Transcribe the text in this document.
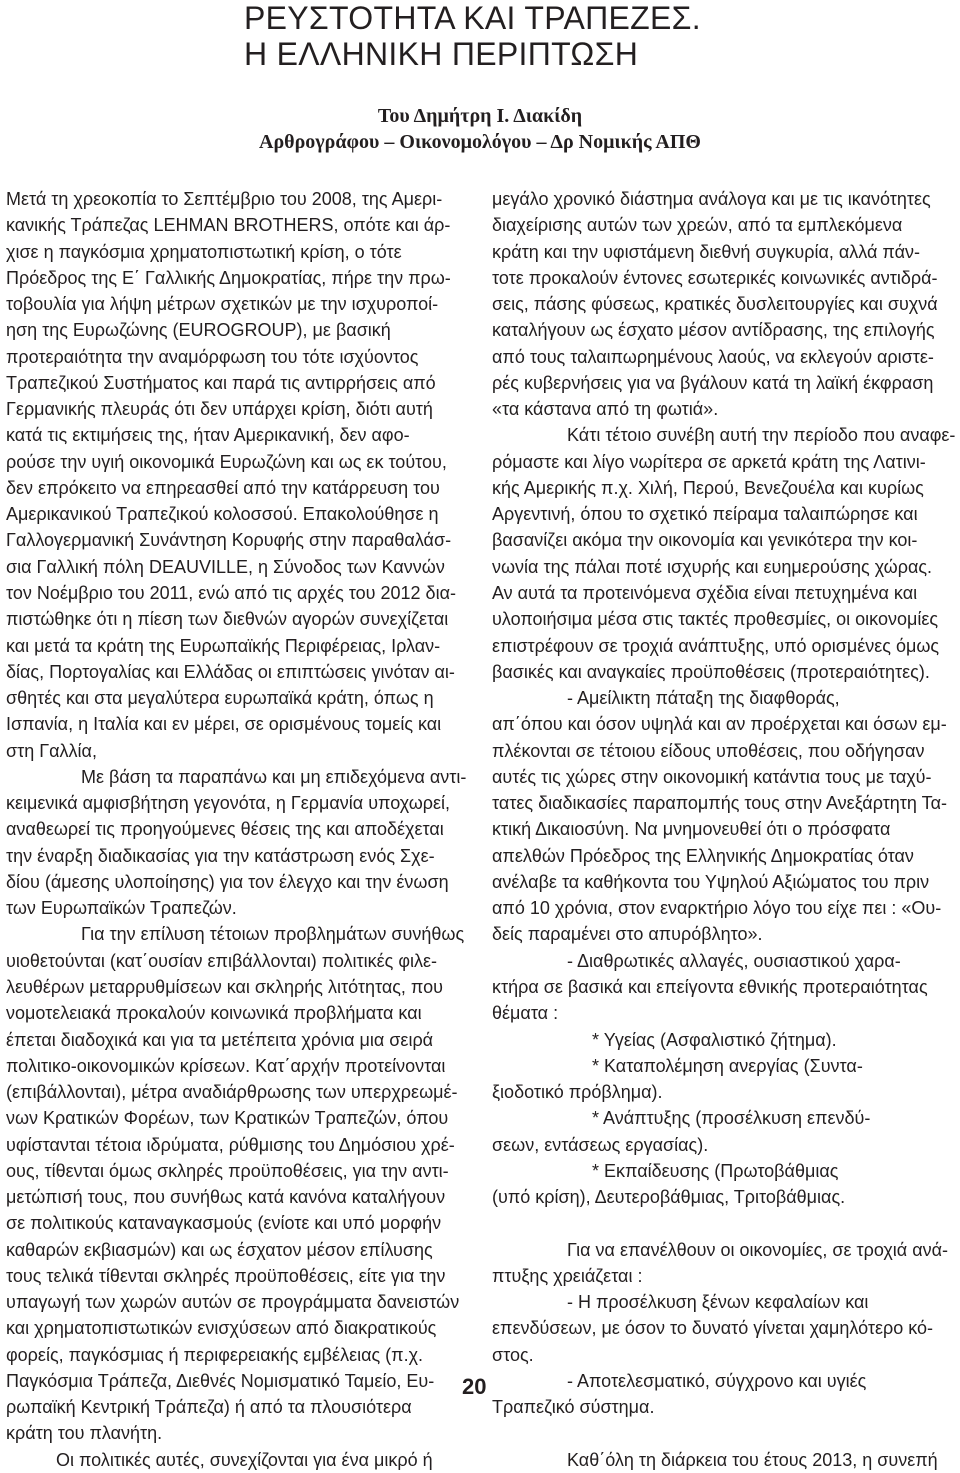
ΡΕΥΣΤΟΤΗΤΑ ΚΑΙ ΤΡΑΠΕΖΕΣ.
Η ΕΛΛΗΝΙΚΗ ΠΕΡΙΠΤΩΣΗ
Του Δημήτρη Ι. Διακίδη
Αρθρογράφου – Οικονομολόγου – Δρ Νομικής ΑΠΘ
Μετά τη χρεοκοπία το Σεπτέμβριο του 2008, της Αμερι-
κανικής Τράπεζας LEHMAN BROTHERS, οπότε και άρ-
χισε η παγκόσμια χρηματοπιστωτική κρίση, ο τότε
Πρόεδρος της Ε΄ Γαλλικής Δημοκρατίας, πήρε την πρω-
τοβουλία για λήψη μέτρων σχετικών με την ισχυροποί-
ηση της Ευρωζώνης (EUROGROUP), με βασική
προτεραιότητα την αναμόρφωση του τότε ισχύοντος
Τραπεζικού Συστήματος και παρά τις αντιρρήσεις από
Γερμανικής πλευράς ότι δεν υπάρχει κρίση, διότι αυτή
κατά τις εκτιμήσεις της, ήταν Αμερικανική, δεν αφο-
ρούσε την υγιή οικονομικά Ευρωζώνη και ως εκ τούτου,
δεν επρόκειτο να επηρεασθεί από την κατάρρευση του
Αμερικανικού Τραπεζικού κολοσσού. Επακολούθησε η
Γαλλογερμανική Συνάντηση Κορυφής στην παραθαλάσ-
σια Γαλλική πόλη DEAUVILLE, η Σύνοδος των Καννών
τον Νοέμβριο του 2011, ενώ από τις αρχές του 2012 δια-
πιστώθηκε ότι η πίεση των διεθνών αγορών συνεχίζεται
και μετά τα κράτη της Ευρωπαϊκής Περιφέρειας, Ιρλαν-
δίας, Πορτογαλίας και Ελλάδας οι επιπτώσεις γινόταν αι-
σθητές και στα μεγαλύτερα ευρωπαϊκά κράτη, όπως η
Ισπανία, η Ιταλία και εν μέρει, σε ορισμένους τομείς και
στη Γαλλία,
Με βάση τα παραπάνω και μη επιδεχόμενα αντι-
κειμενικά αμφισβήτηση γεγονότα, η Γερμανία υποχωρεί,
αναθεωρεί τις προηγούμενες θέσεις της και αποδέχεται
την έναρξη διαδικασίας για την κατάστρωση ενός Σχε-
δίου (άμεσης υλοποίησης) για τον έλεγχο και την ένωση
των Ευρωπαϊκών Τραπεζών.
Για την επίλυση τέτοιων προβλημάτων συνήθως
υιοθετούνται (κατ΄ουσίαν επιβάλλονται) πολιτικές φιλε-
λευθέρων μεταρρυθμίσεων και σκληρής λιτότητας, που
νομοτελειακά προκαλούν κοινωνικά προβλήματα και
έπεται διαδοχικά και για τα μετέπειτα χρόνια μια σειρά
πολιτικο-οικονομικών κρίσεων. Κατ΄αρχήν προτείνονται
(επιβάλλονται), μέτρα αναδιάρθρωσης των υπερχρεωμέ-
νων Κρατικών Φορέων, των Κρατικών Τραπεζών, όπου
υφίστανται τέτοια ιδρύματα, ρύθμισης του Δημόσιου χρέ-
ους, τίθενται όμως σκληρές προϋποθέσεις, για την αντι-
μετώπισή τους, που συνήθως κατά κανόνα καταλήγουν
σε πολιτικούς καταναγκασμούς (ενίοτε και υπό μορφήν
καθαρών εκβιασμών) και ως έσχατον μέσον επίλυσης
τους τελικά τίθενται σκληρές προϋποθέσεις, είτε για την
υπαγωγή των χωρών αυτών σε προγράμματα δανειστών
και χρηματοπιστωτικών ενισχύσεων από διακρατικούς
φορείς, παγκόσμιας ή περιφερειακής εμβέλειας (π.χ.
Παγκόσμια Τράπεζα, Διεθνές Νομισματικό Ταμείο, Ευ-
ρωπαϊκή Κεντρική Τράπεζα) ή από τα πλουσιότερα
κράτη του πλανήτη.
Οι πολιτικές αυτές, συνεχίζονται για ένα μικρό ή
μεγάλο χρονικό διάστημα ανάλογα και με τις ικανότητες
διαχείρισης αυτών των χρεών, από τα εμπλεκόμενα
κράτη και την υφιστάμενη διεθνή συγκυρία, αλλά πάν-
τοτε προκαλούν έντονες εσωτερικές κοινωνικές αντιδρά-
σεις, πάσης φύσεως, κρατικές δυσλειτουργίες και συχνά
καταλήγουν ως έσχατο μέσον αντίδρασης, της επιλογής
από τους ταλαιπωρημένους λαούς, να εκλεγούν αριστε-
ρές κυβερνήσεις για να βγάλουν κατά τη λαϊκή έκφραση
«τα κάστανα από τη φωτιά».
Κάτι τέτοιο συνέβη αυτή την περίοδο που αναφε-
ρόμαστε και λίγο νωρίτερα σε αρκετά κράτη της Λατινι-
κής Αμερικής π.χ. Χιλή, Περού, Βενεζουέλα και κυρίως
Αργεντινή, όπου το σχετικό πείραμα ταλαιπώρησε και
βασανίζει ακόμα την οικονομία και γενικότερα την κοι-
νωνία της πάλαι ποτέ ισχυρής και ευημερούσης χώρας.
Αν αυτά τα προτεινόμενα σχέδια είναι πετυχημένα και
υλοποιήσιμα μέσα στις τακτές προθεσμίες, οι οικονομίες
επιστρέφουν σε τροχιά ανάπτυξης, υπό ορισμένες όμως
βασικές και αναγκαίες προϋποθέσεις (προτεραιότητες).
- Αμείλικτη πάταξη της διαφθοράς,
απ΄όπου και όσον υψηλά και αν προέρχεται και όσων εμ-
πλέκονται σε τέτοιου είδους υποθέσεις, που οδήγησαν
αυτές τις χώρες στην οικονομική κατάντια τους με ταχύ-
τατες διαδικασίες παραπομπής τους στην Ανεξάρτητη Τα-
κτική Δικαιοσύνη. Να μνημονευθεί ότι ο πρόσφατα
απελθών Πρόεδρος της Ελληνικής Δημοκρατίας όταν
ανέλαβε τα καθήκοντα του Υψηλού Αξιώματος του πριν
από 10 χρόνια, στον εναρκτήριο λόγο του είχε πει : «Ου-
δείς παραμένει στο απυρόβλητο».
- Διαθρωτικές αλλαγές, ουσιαστικού χαρα-
κτήρα σε βασικά και επείγοντα εθνικής προτεραιότητας
θέματα :
* Υγείας (Ασφαλιστικό ζήτημα).
* Καταπολέμηση ανεργίας (Συντα-
ξιοδοτικό πρόβλημα).
* Ανάπτυξης (προσέλκυση επενδύ-
σεων, εντάσεως εργασίας).
* Εκπαίδευσης (Πρωτοβάθμιας
(υπό κρίση), Δευτεροβάθμιας, Τριτοβάθμιας.
Για να επανέλθουν οι οικονομίες, σε τροχιά ανά-
πτυξης χρειάζεται :
- Η προσέλκυση ξένων κεφαλαίων και
επενδύσεων, με όσον το δυνατό γίνεται χαμηλότερο κό-
στος.
- Αποτελεσματικό, σύγχρονο και υγιές
Τραπεζικό σύστημα.
Καθ΄όλη τη διάρκεια του έτους 2013, η συνεπή
20
